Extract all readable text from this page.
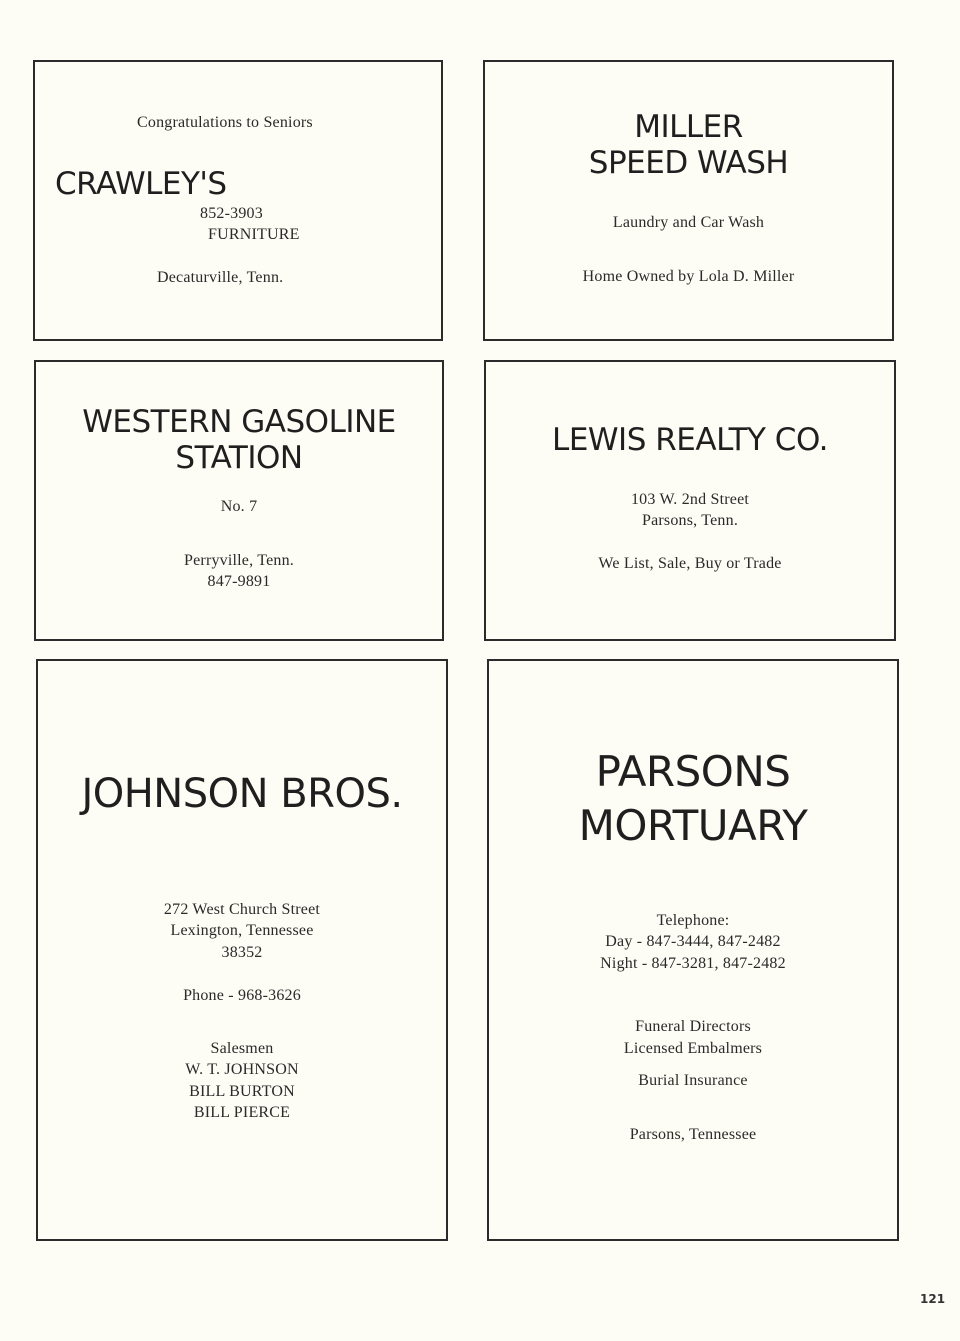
Congratulations to Seniors
CRAWLEY'S
852-3903
FURNITURE
Decaturville, Tenn.
MILLER
SPEED WASH
Laundry and Car Wash
Home Owned by Lola D. Miller
WESTERN GASOLINE
STATION
No. 7
Perryville, Tenn.
847-9891
LEWIS REALTY CO.
103 W. 2nd Street
Parsons, Tenn.
We List, Sale, Buy or Trade
JOHNSON BROS.
272 West Church Street
Lexington, Tennessee
38352
Phone - 968-3626
Salesmen
W. T. JOHNSON
BILL BURTON
BILL PIERCE
PARSONS
MORTUARY
Telephone:
Day - 847-3444, 847-2482
Night - 847-3281, 847-2482
Funeral Directors
Licensed Embalmers
Burial Insurance
Parsons, Tennessee
121
